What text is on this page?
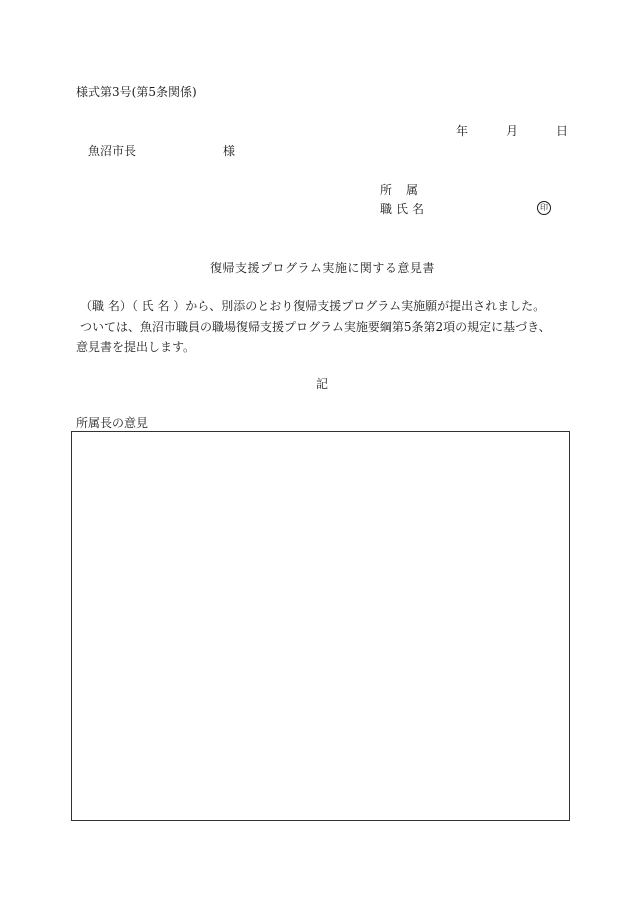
様式第3号(第5条関係)
年	月	日
魚沼市長	様
所属
職氏名	印
復帰支援プログラム実施に関する意見書
（職 名）（ 氏 名 ）から、別添のとおり復帰支援プログラム実施願が提出されました。
ついては、魚沼市職員の職場復帰支援プログラム実施要綱第5条第2項の規定に基づき、
意見書を提出します。
記
所属長の意見
